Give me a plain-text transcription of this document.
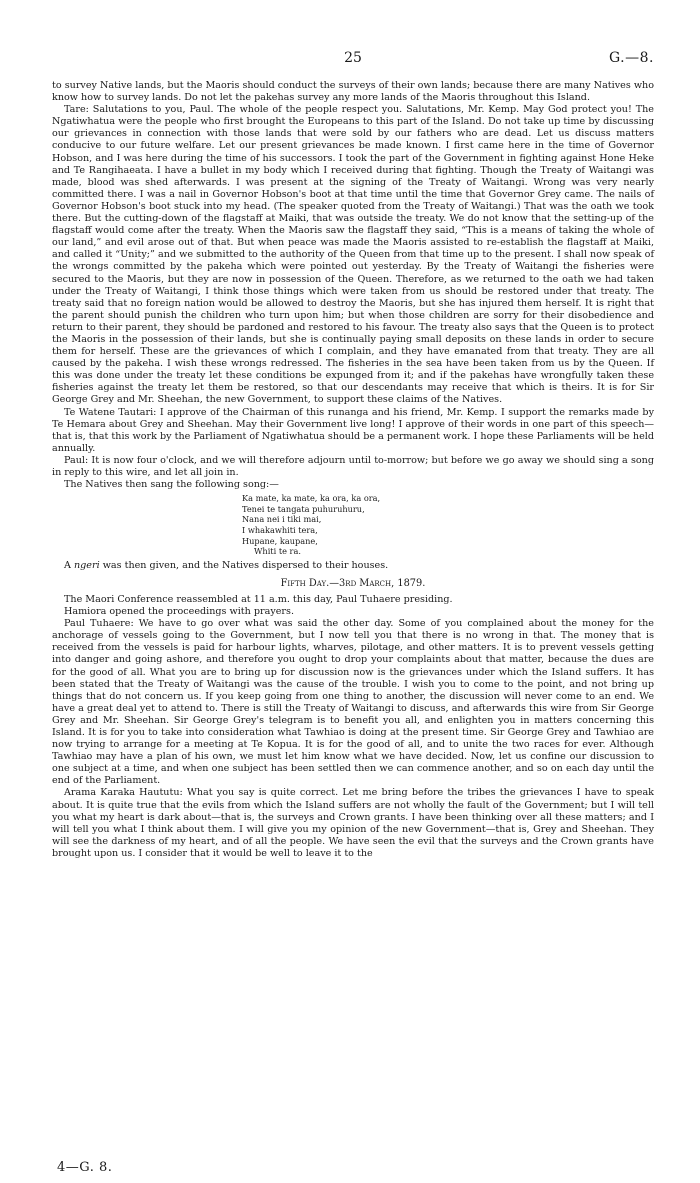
25	G.—8.

to survey Native lands, but the Maoris should conduct the surveys of their own lands; because there are many Natives who know how to survey lands. Do not let the pakehas survey any more lands of the Maoris throughout this Island.

Tare: Salutations to you, Paul. The whole of the people respect you. Salutations, Mr. Kemp. May God protect you! The Ngatiwhatua were the people who first brought the Europeans to this part of the Island. Do not take up time by discussing our grievances in connection with those lands that were sold by our fathers who are dead. Let us discuss matters conducive to our future welfare. Let our present grievances be made known. I first came here in the time of Governor Hobson, and I was here during the time of his successors. I took the part of the Government in fighting against Hone Heke and Te Rangihaeata. I have a bullet in my body which I received during that fighting. Though the Treaty of Waitangi was made, blood was shed afterwards. I was present at the signing of the Treaty of Waitangi. Wrong was very nearly committed there. I was a nail in Governor Hobson's boot at that time until the time that Governor Grey came. The nails of Governor Hobson's boot stuck into my head. (The speaker quoted from the Treaty of Waitangi.) That was the oath we took there. But the cutting-down of the flagstaff at Maiki, that was outside the treaty. We do not know that the setting-up of the flagstaff would come after the treaty. When the Maoris saw the flagstaff they said, “This is a means of taking the whole of our land,” and evil arose out of that. But when peace was made the Maoris assisted to re-establish the flagstaff at Maiki, and called it “Unity;” and we submitted to the authority of the Queen from that time up to the present. I shall now speak of the wrongs committed by the pakeha which were pointed out yesterday. By the Treaty of Waitangi the fisheries were secured to the Maoris, but they are now in possession of the Queen. Therefore, as we returned to the oath we had taken under the Treaty of Waitangi, I think those things which were taken from us should be restored under that treaty. The treaty said that no foreign nation would be allowed to destroy the Maoris, but she has injured them herself. It is right that the parent should punish the children who turn upon him; but when those children are sorry for their disobedience and return to their parent, they should be pardoned and restored to his favour. The treaty also says that the Queen is to protect the Maoris in the possession of their lands, but she is continually paying small deposits on these lands in order to secure them for herself. These are the grievances of which I complain, and they have emanated from that treaty. They are all caused by the pakeha. I wish these wrongs redressed. The fisheries in the sea have been taken from us by the Queen. If this was done under the treaty let these conditions be expunged from it; and if the pakehas have wrongfully taken these fisheries against the treaty let them be restored, so that our descendants may receive that which is theirs. It is for Sir George Grey and Mr. Sheehan, the new Government, to support these claims of the Natives.

Te Watene Tautari: I approve of the Chairman of this runanga and his friend, Mr. Kemp. I support the remarks made by Te Hemara about Grey and Sheehan. May their Government live long! I approve of their words in one part of this speech—that is, that this work by the Parliament of Ngatiwhatua should be a permanent work. I hope these Parliaments will be held annually.

Paul: It is now four o'clock, and we will therefore adjourn until to-morrow; but before we go away we should sing a song in reply to this wire, and let all join in.

The Natives then sang the following song:—

Ka mate, ka mate, ka ora, ka ora,
Tenei te tangata puhuruhuru,
Nana nei i tiki mai,
I whakawhiti tera,
Hupane, kaupane,
Whiti te ra.

A ngeri was then given, and the Natives dispersed to their houses.

Fifth Day.—3rd March, 1879.

The Maori Conference reassembled at 11 a.m. this day, Paul Tuhaere presiding.

Hamiora opened the proceedings with prayers.

Paul Tuhaere: We have to go over what was said the other day. Some of you complained about the money for the anchorage of vessels going to the Government, but I now tell you that there is no wrong in that. The money that is received from the vessels is paid for harbour lights, wharves, pilotage, and other matters. It is to prevent vessels getting into danger and going ashore, and therefore you ought to drop your complaints about that matter, because the dues are for the good of all. What you are to bring up for discussion now is the grievances under which the Island suffers. It has been stated that the Treaty of Waitangi was the cause of the trouble. I wish you to come to the point, and not bring up things that do not concern us. If you keep going from one thing to another, the discussion will never come to an end. We have a great deal yet to attend to. There is still the Treaty of Waitangi to discuss, and afterwards this wire from Sir George Grey and Mr. Sheehan. Sir George Grey's telegram is to benefit you all, and enlighten you in matters concerning this Island. It is for you to take into consideration what Tawhiao is doing at the present time. Sir George Grey and Tawhiao are now trying to arrange for a meeting at Te Kopua. It is for the good of all, and to unite the two races for ever. Although Tawhiao may have a plan of his own, we must let him know what we have decided. Now, let us confine our discussion to one subject at a time, and when one subject has been settled then we can commence another, and so on each day until the end of the Parliament.

Arama Karaka Haututu: What you say is quite correct. Let me bring before the tribes the grievances I have to speak about. It is quite true that the evils from which the Island suffers are not wholly the fault of the Government; but I will tell you what my heart is dark about—that is, the surveys and Crown grants. I have been thinking over all these matters; and I will tell you what I think about them. I will give you my opinion of the new Government—that is, Grey and Sheehan. They will see the darkness of my heart, and of all the people. We have seen the evil that the surveys and the Crown grants have brought upon us. I consider that it would be well to leave it to the

4—G. 8.
